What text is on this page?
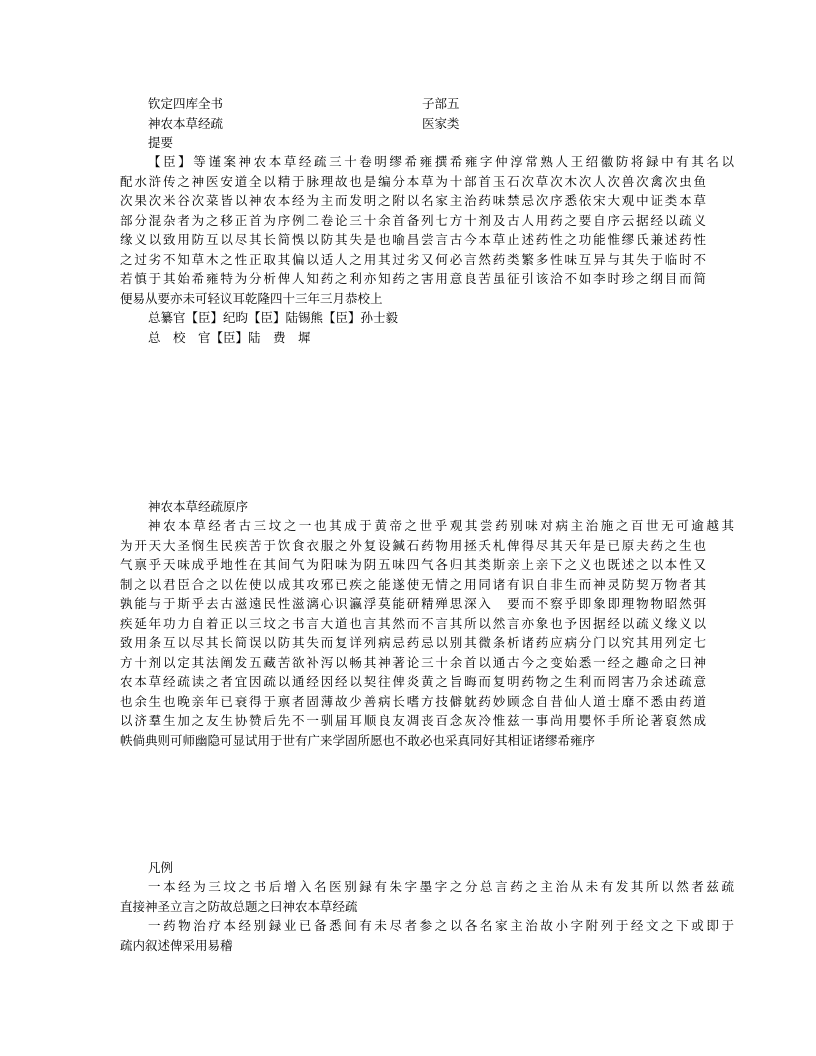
钦定四库全书	子部五
神农本草经疏	医家类
提要
【臣】等谨案神农本草经疏三十卷明缪希雍撰希雍字仲淳常熟人王绍徽防将録中有其名以
配水浒传之神医安道全以精于脉理故也是编分本草为十部首玉石次草次木次人次兽次禽次虫鱼
次果次米谷次菜皆以神农本经为主而发明之附以名家主治药味禁忌次序悉依宋大观中证类本草
部分混杂者为之移正首为序例二卷论三十余首备列七方十剂及古人用药之要自序云据经以疏义
缘义以致用防互以尽其长简悞以防其失是也喻昌尝言古今本草止述药性之功能惟缪氏兼述药性
之过劣不知草木之性正取其偏以适人之用其过劣又何必言然药类繁多性味互异与其失于临时不
若慎于其始希雍特为分析俾人知药之利亦知药之害用意良苦虽征引该洽不如李时珍之纲目而简
便易从要亦未可轻议耳乾隆四十三年三月恭校上
总纂官【臣】纪昀【臣】陆锡熊【臣】孙士毅
总　校　官【臣】陆　费　墀
神农本草经疏原序
神农本草经者古三坟之一也其成于黄帝之世乎观其尝药别味对病主治施之百世无可逾越其
为开天大圣悯生民疾苦于饮食衣服之外复设鍼石药物用拯夭札俾得尽其天年是已原夫药之生也
气禀乎天味成乎地性在其间气为阳味为阴五味四气各归其类斯亲上亲下之义也既述之以本性又
制之以君臣合之以佐使以成其攻邪已疾之能遂使无情之用同诸有识自非生而神灵防契万物者其
孰能与于斯乎去古滋遠民性滋漓心识瀛浮莫能研精殚思深入　要而不察乎即象即理物物昭然弭
疾延年功力自着正以三坟之书言大道也言其然而不言其所以然言亦象也予因据经以疏义缘义以
致用条互以尽其长简误以防其失而复详列病忌药忌以别其微条析诸药应病分门以究其用列定七
方十剂以定其法阐发五藏苦欲补泻以畅其神著论三十余首以通古今之变始悉一经之趣命之曰神
农本草经疏读之者宜因疏以通经因经以契往俾炎黄之旨晦而复明药物之生利而罔害乃余述疏意
也余生也晚亲年已衰得于禀者固薄故少善病长嗜方技僻躭药妙顾念自昔仙人道士靡不悉由药道
以济羣生加之友生协赞后先不一驯届耳顺良友凋丧百念灰冷惟兹一事尚用嬰怀手所论著裒然成
帙倘典则可师幽隐可显试用于世有广来学固所愿也不敢必也采真同好其相证诸缪希雍序
凡例
一本经为三坟之书后增入名医别録有朱字墨字之分总言药之主治从未有发其所以然者兹疏
直接神圣立言之防故总题之曰神农本草经疏
一药物治疗本经别録业已备悉间有未尽者参之以各名家主治故小字附列于经文之下或即于
疏内叙述俾采用易稽
